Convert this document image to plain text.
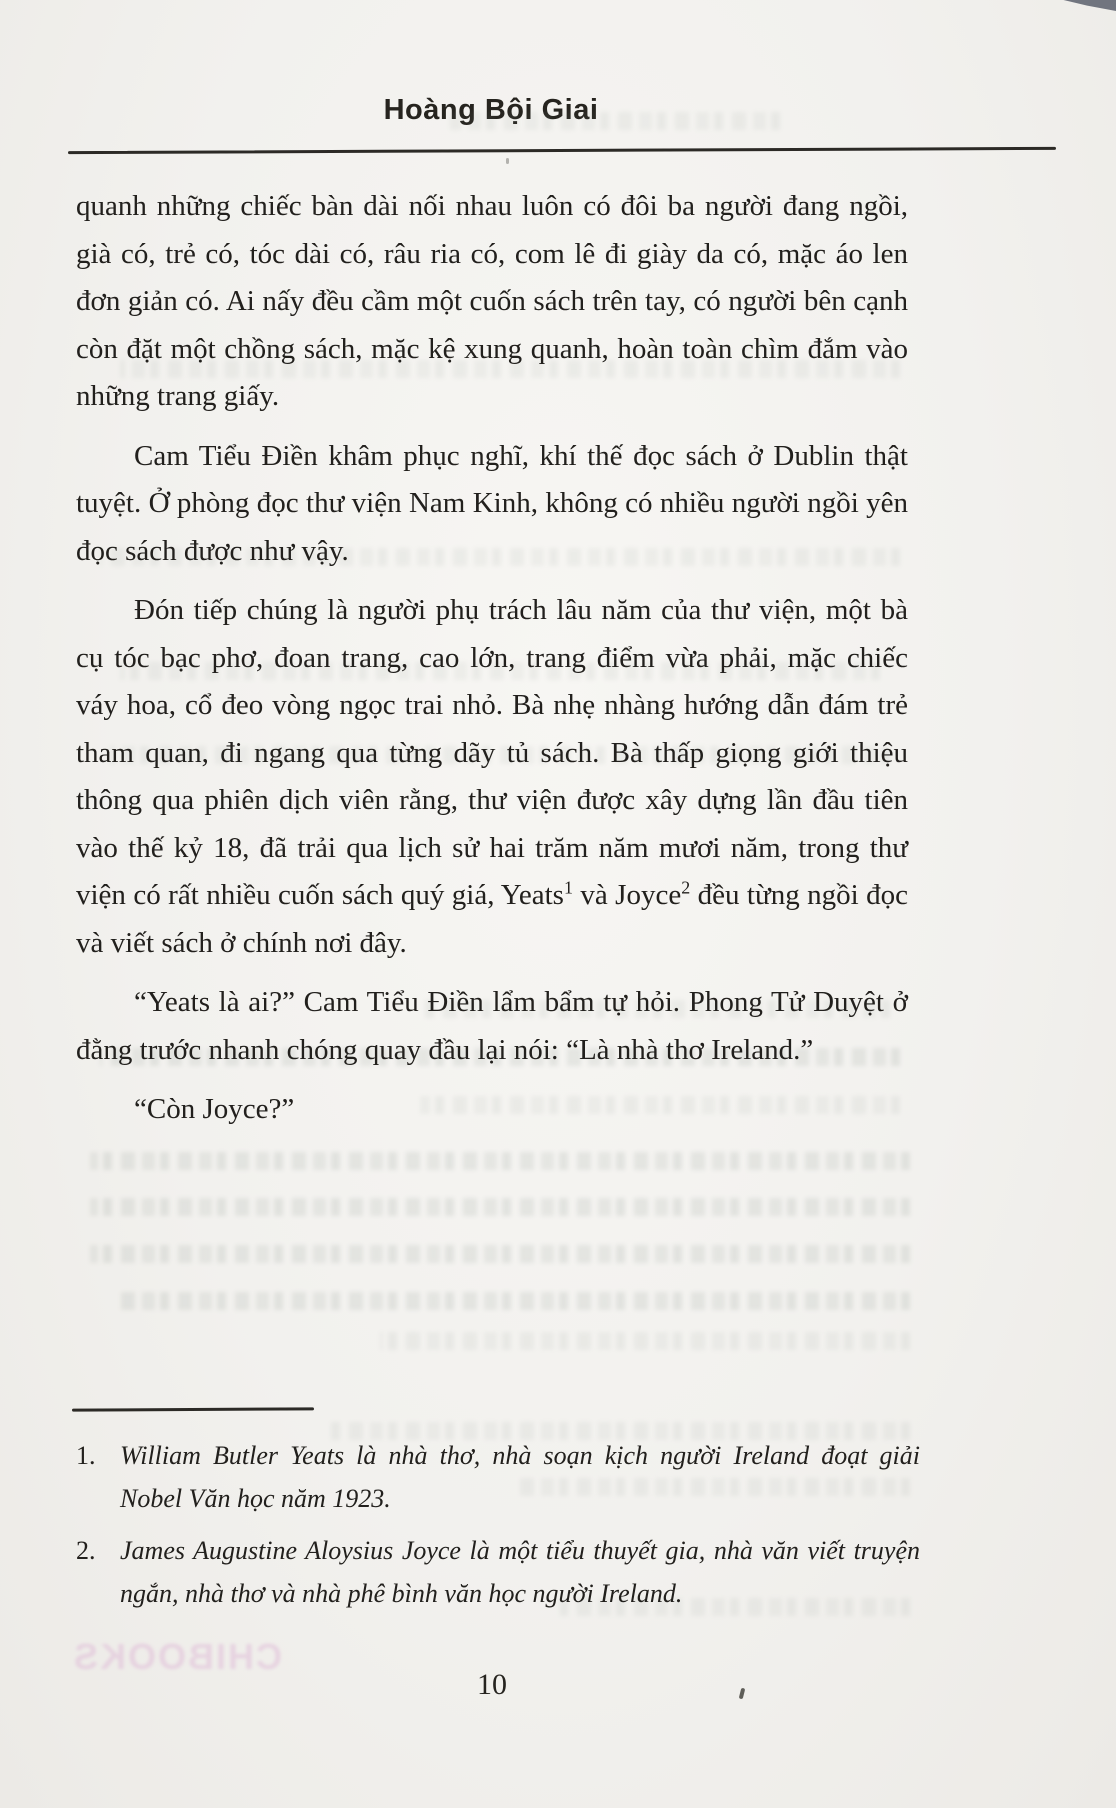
Hoàng Bội Giai

quanh những chiếc bàn dài nối nhau luôn có đôi ba người đang ngồi, già có, trẻ có, tóc dài có, râu ria có, com lê đi giày da có, mặc áo len đơn giản có. Ai nấy đều cầm một cuốn sách trên tay, có người bên cạnh còn đặt một chồng sách, mặc kệ xung quanh, hoàn toàn chìm đắm vào những trang giấy.

Cam Tiểu Điền khâm phục nghĩ, khí thế đọc sách ở Dublin thật tuyệt. Ở phòng đọc thư viện Nam Kinh, không có nhiều người ngồi yên đọc sách được như vậy.

Đón tiếp chúng là người phụ trách lâu năm của thư viện, một bà cụ tóc bạc phơ, đoan trang, cao lớn, trang điểm vừa phải, mặc chiếc váy hoa, cổ đeo vòng ngọc trai nhỏ. Bà nhẹ nhàng hướng dẫn đám trẻ tham quan, đi ngang qua từng dãy tủ sách. Bà thấp giọng giới thiệu thông qua phiên dịch viên rằng, thư viện được xây dựng lần đầu tiên vào thế kỷ 18, đã trải qua lịch sử hai trăm năm mươi năm, trong thư viện có rất nhiều cuốn sách quý giá, Yeats$^1$ và Joyce$^2$ đều từng ngồi đọc và viết sách ở chính nơi đây.

“Yeats là ai?” Cam Tiểu Điền lẩm bẩm tự hỏi. Phong Tử Duyệt ở đằng trước nhanh chóng quay đầu lại nói: “Là nhà thơ Ireland.”

“Còn Joyce?”

1. William Butler Yeats là nhà thơ, nhà soạn kịch người Ireland đoạt giải Nobel Văn học năm 1923.
2. James Augustine Aloysius Joyce là một tiểu thuyết gia, nhà văn viết truyện ngắn, nhà thơ và nhà phê bình văn học người Ireland.
CHIBOOKS
10
